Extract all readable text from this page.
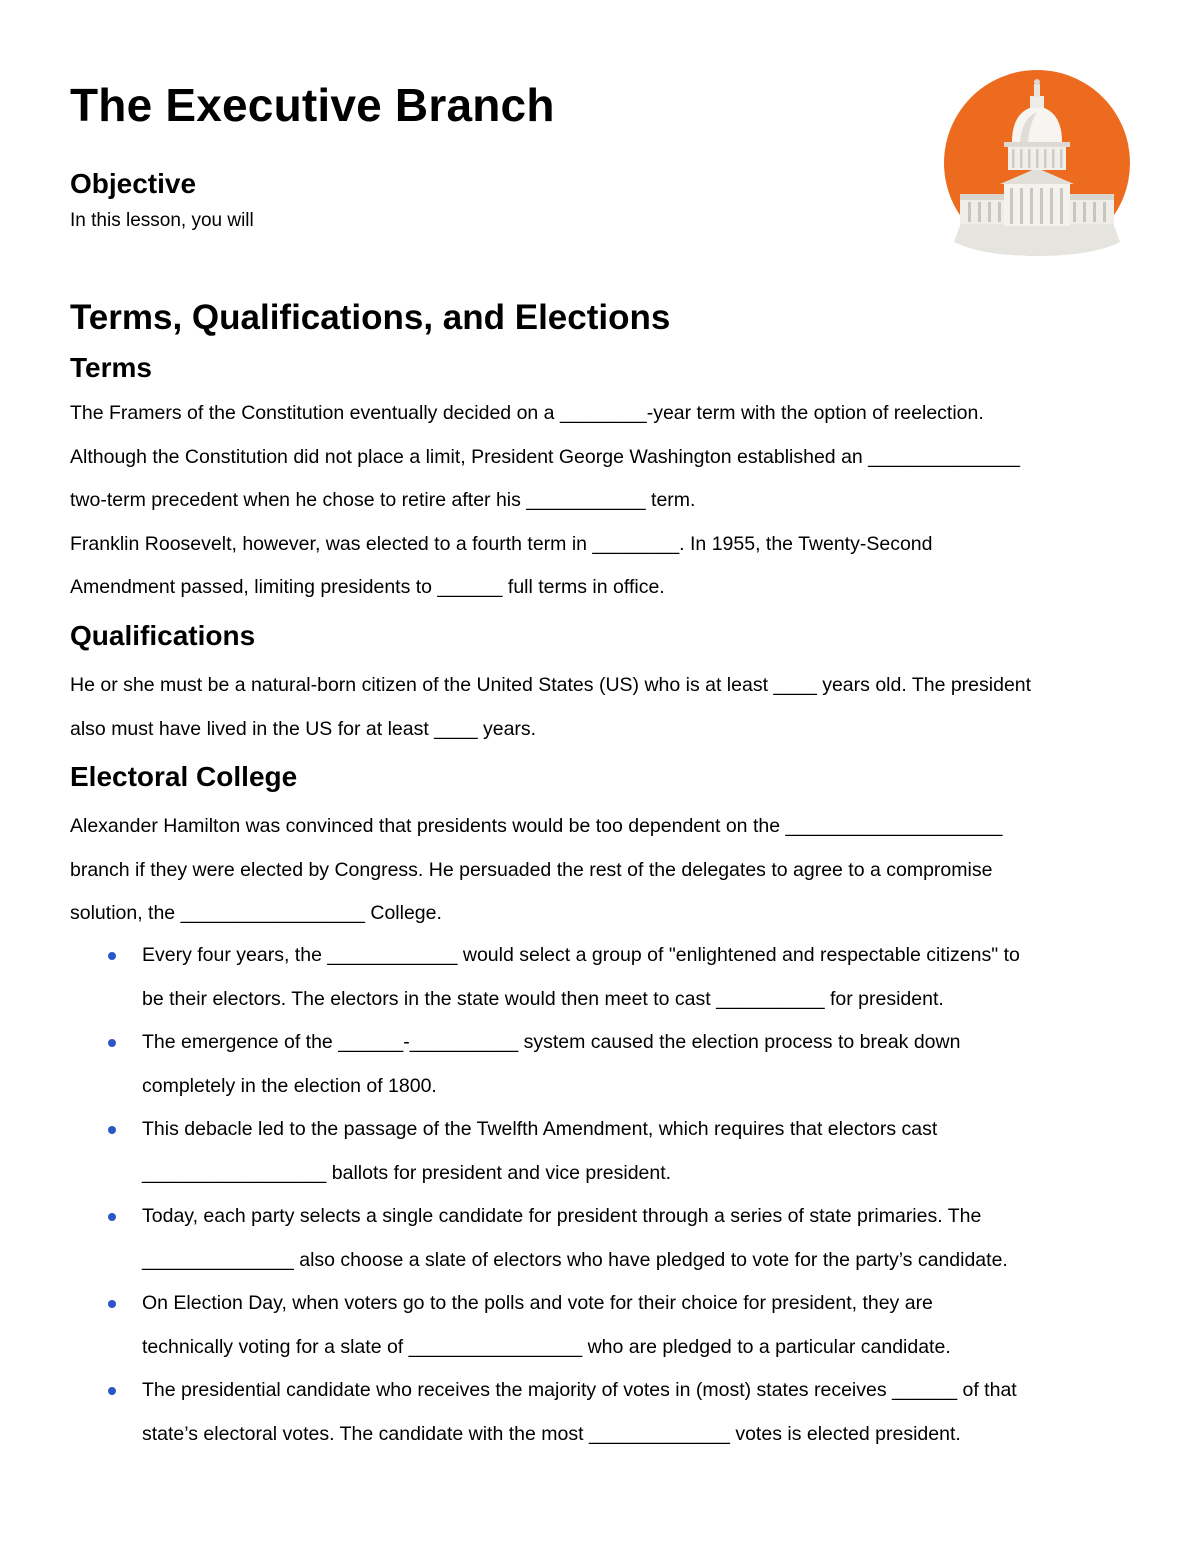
The Executive Branch
Objective

In this lesson, you will

Terms, Qualifications, and Elections
Terms

The Framers of the Constitution eventually decided on a ________-year term with the option of reelection.
Although the Constitution did not place a limit, President George Washington established an ______________
two-term precedent when he chose to retire after his ___________ term.
Franklin Roosevelt, however, was elected to a fourth term in ________. In 1955, the Twenty-Second
Amendment passed, limiting presidents to ______ full terms in office.

Qualifications

He or she must be a natural-born citizen of the United States (US) who is at least ____ years old. The president
also must have lived in the US for at least ____ years.

Electoral College

Alexander Hamilton was convinced that presidents would be too dependent on the ____________________
branch if they were elected by Congress. He persuaded the rest of the delegates to agree to a compromise
solution, the _________________ College.

Every four years, the ____________ would select a group of "enlightened and respectable citizens" to
be their electors. The electors in the state would then meet to cast __________ for president.
The emergence of the ______-__________ system caused the election process to break down
completely in the election of 1800.
This debacle led to the passage of the Twelfth Amendment, which requires that electors cast
_________________ ballots for president and vice president.
Today, each party selects a single candidate for president through a series of state primaries. The
______________ also choose a slate of electors who have pledged to vote for the party’s candidate.
On Election Day, when voters go to the polls and vote for their choice for president, they are
technically voting for a slate of ________________ who are pledged to a particular candidate.
The presidential candidate who receives the majority of votes in (most) states receives ______ of that
state’s electoral votes. The candidate with the most _____________ votes is elected president.
